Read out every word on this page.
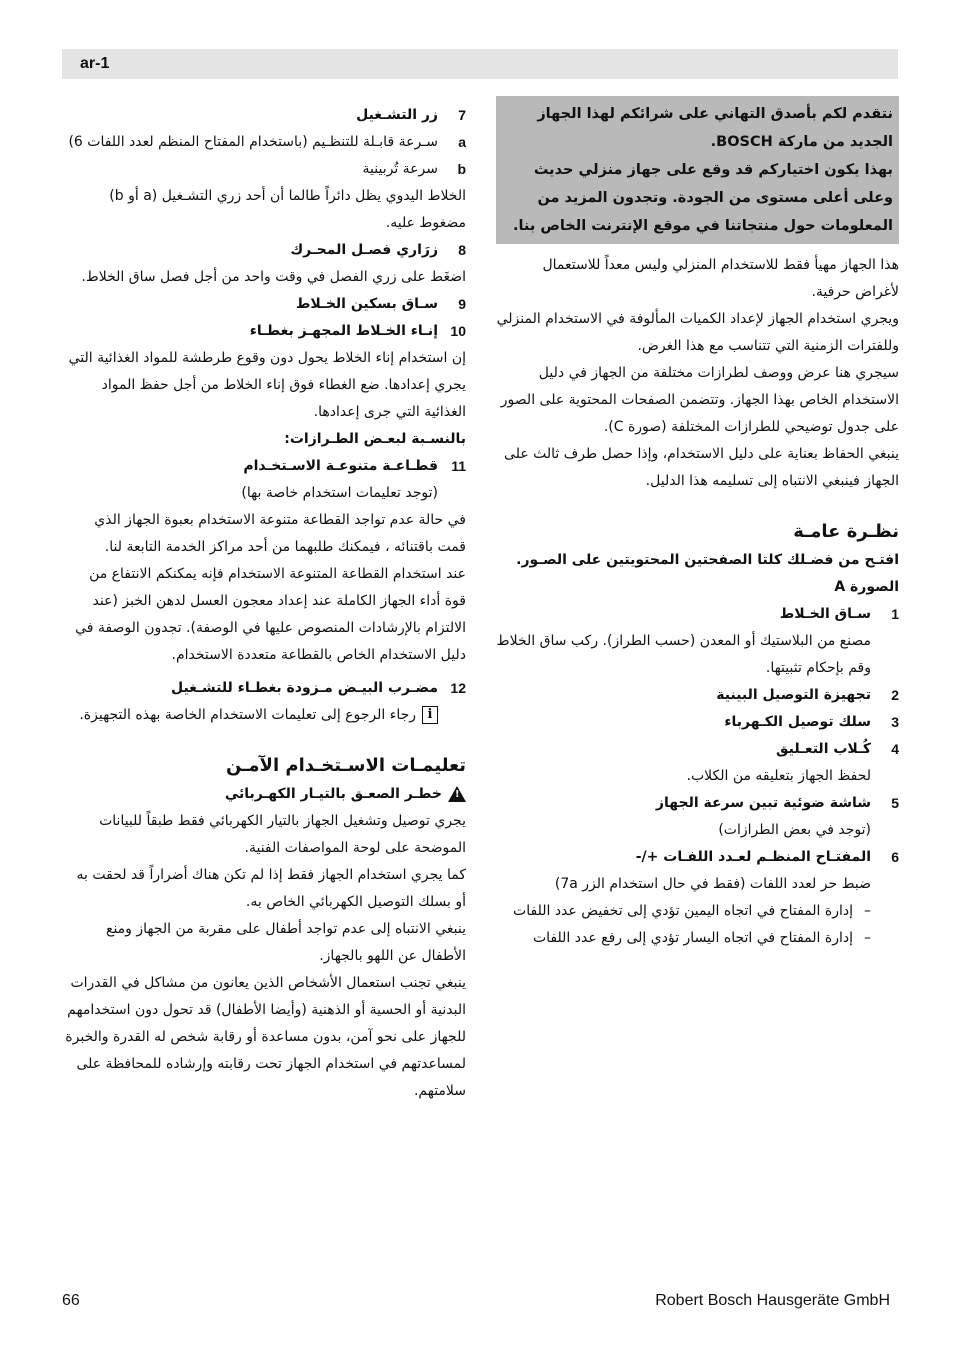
ar-1

نتقدم لكم بأصدق التهاني على شرائكم لهذا الجهاز الجديد من ماركة BOSCH.

بهذا يكون اختياركم قد وقع على جهاز منزلي حديث وعلى أعلى مستوى من الجودة. وتجدون المزيد من المعلومات حول منتجاتنا في موقع الإنترنت الخاص بنا.

هذا الجهاز مهيأ فقط للاستخدام المنزلي وليس معداً للاستعمال لأغراض حرفية.

ويجري استخدام الجهاز لإعداد الكميات المألوفة في الاستخدام المنزلي وللفترات الزمنية التي تتناسب مع هذا الغرض.

سيجري هنا عرض ووصف لطرازات مختلفة من الجهاز في دليل الاستخدام الخاص بهذا الجهاز. وتتضمن الصفحات المحتوية على الصور على جدول توضيحي للطرازات المختلفة (صورة C).

ينبغي الحفاظ بعناية على دليل الاستخدام، وإذا حصل طرف ثالث على الجهاز فينبغي الانتباه إلى تسليمه هذا الدليل.

نظـرة عامـة
افتـح من فضـلك كلتا الصفحتين المحتويتين على الصـور.
الصورة A
1
سـاق الخـلاط
مصنع من البلاستيك أو المعدن (حسب الطراز). ركب ساق الخلاط وقم بإحكام تثبيتها.
2
تجهيزة التوصيل البينية
3
سلك توصيل الكـهرباء
4
كُـلاب التعـليق
لحفظ الجهاز بتعليقه من الكلاب.
5
شاشة ضوئية تبين سرعة الجهاز
(توجد في بعض الطرازات)
6
المفتـاح المنظـم لعـدد اللفـات +/-
ضبط حر لعدد اللفات (فقط في حال استخدام الزر 7a)
–
إدارة المفتاح في اتجاه اليمين تؤدي إلى تخفيض عدد اللفات
–
إدارة المفتاح في اتجاه اليسار تؤدي إلى رفع عدد اللفات
7
زر التشـغيل
a
سـرعة قابـلة للتنظـيم (باستخدام المفتاح المنظم لعدد اللفات 6)
b
سرعة تُربينية

الخلاط اليدوي يظل دائراً طالما أن أحد زري التشـغيل (a أو b) مضغوط عليه.

8
زرَاري فصـل المحـرك

اضغَط على زري الفصل في وقت واحد من أجل فصل ساق الخلاط.

9
سـاق بسكين الخـلاط
10
إنـاء الخـلاط المجهـز بغطـاء

إن استخدام إناء الخلاط يحول دون وقوع طرطشة للمواد الغذائية التي يجري إعدادها. ضع الغطاء فوق إناء الخلاط من أجل حفظ المواد الغذائية التي جرى إعدادها.

بالنسـبة لبعـض الطـرازات:
11
قطـاعـة متنوعـة الاسـتخـدام
(توجد تعليمات استخدام خاصة بها)

في حالة عدم تواجد القطاعة متنوعة الاستخدام بعبوة الجهاز الذي قمت باقتنائه ، فيمكنك طلبهما من أحد مراكز الخدمة التابعة لنا.

عند استخدام القطاعة المتنوعة الاستخدام فإنه يمكنكم الانتفاع من قوة أداء الجهاز الكاملة عند إعداد معجون العسل لدهن الخبز (عند الالتزام بالإرشادات المنصوص عليها في الوصفة). تجدون الوصفة في دليل الاستخدام الخاص بالقطاعة متعددة الاستخدام.

12
مضـرب البيـض مـزودة بغطـاء للتشـغيل
iرجاء الرجوع إلى تعليمات الاستخدام الخاصة بهذه التجهيزة.
تعليمـات الاسـتخـدام الآمـن
!خطـر الصعـق بالتيـار الكهـربائي

يجري توصيل وتشغيل الجهاز بالتيار الكهربائي فقط طبقاً للبيانات الموضحة على لوحة المواصفات الفنية.

كما يجري استخدام الجهاز فقط إذا لم تكن هناك أضراراً قد لحقت به أو بسلك التوصيل الكهربائي الخاص به.

ينبغي الانتباه إلى عدم تواجد أطفال على مقربة من الجهاز ومنع الأطفال عن اللهو بالجهاز.

ينبغي تجنب استعمال الأشخاص الذين يعانون من مشاكل في القدرات البدنية أو الحسية أو الذهنية (وأيضا الأطفال) قد تحول دون استخدامهم للجهاز على نحو آمن، بدون مساعدة أو رقابة شخص له القدرة والخبرة لمساعدتهم في استخدام الجهاز تحت رقابته وإرشاده للمحافظة على سلامتهم.

66	Robert Bosch Hausgeräte GmbH
